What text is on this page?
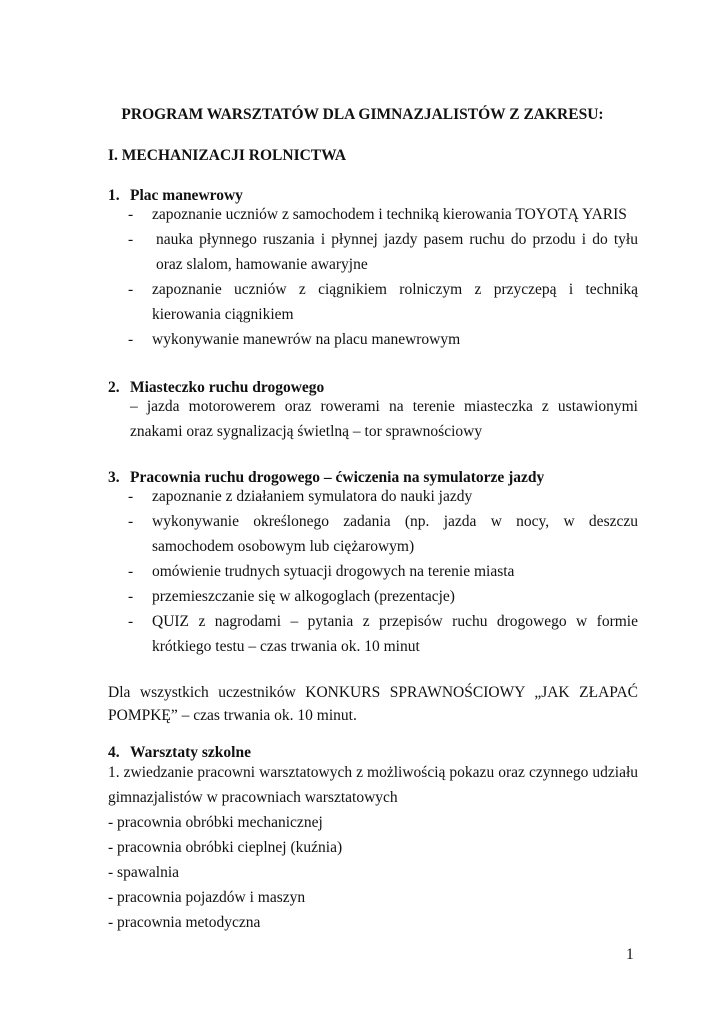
PROGRAM WARSZTATÓW DLA GIMNAZJALISTÓW Z ZAKRESU:
I. MECHANIZACJI ROLNICTWA
1. Plac manewrowy
-	zapoznanie uczniów z samochodem i techniką kierowania TOYOTĄ YARIS
-	nauka płynnego ruszania i płynnej jazdy pasem ruchu do przodu i do tyłu oraz slalom, hamowanie awaryjne
-	zapoznanie uczniów z ciągnikiem rolniczym z przyczepą i techniką kierowania ciągnikiem
-	wykonywanie manewrów na placu manewrowym
2. Miasteczko ruchu drogowego
– jazda motorowerem oraz rowerami na terenie miasteczka z ustawionymi znakami oraz sygnalizacją świetlną – tor sprawnościowy
3. Pracownia ruchu drogowego – ćwiczenia na symulatorze jazdy
-	zapoznanie z działaniem symulatora do nauki jazdy
-	wykonywanie określonego zadania (np. jazda w nocy, w deszczu samochodem osobowym lub ciężarowym)
-	omówienie trudnych sytuacji drogowych na terenie miasta
-	przemieszczanie się w alkogoglach (prezentacje)
-	QUIZ z nagrodami – pytania z przepisów ruchu drogowego w formie krótkiego testu – czas trwania ok. 10 minut
Dla wszystkich uczestników KONKURS SPRAWNOŚCIOWY „JAK ZŁAPAĆ POMPKĘ” – czas trwania ok. 10 minut.
4. Warsztaty szkolne
1. zwiedzanie pracowni warsztatowych z możliwością pokazu oraz czynnego udziału gimnazjalistów w pracowniach warsztatowych
- pracownia obróbki mechanicznej
- pracownia obróbki cieplnej (kuźnia)
- spawalnia
- pracownia pojazdów i maszyn
- pracownia metodyczna
1
